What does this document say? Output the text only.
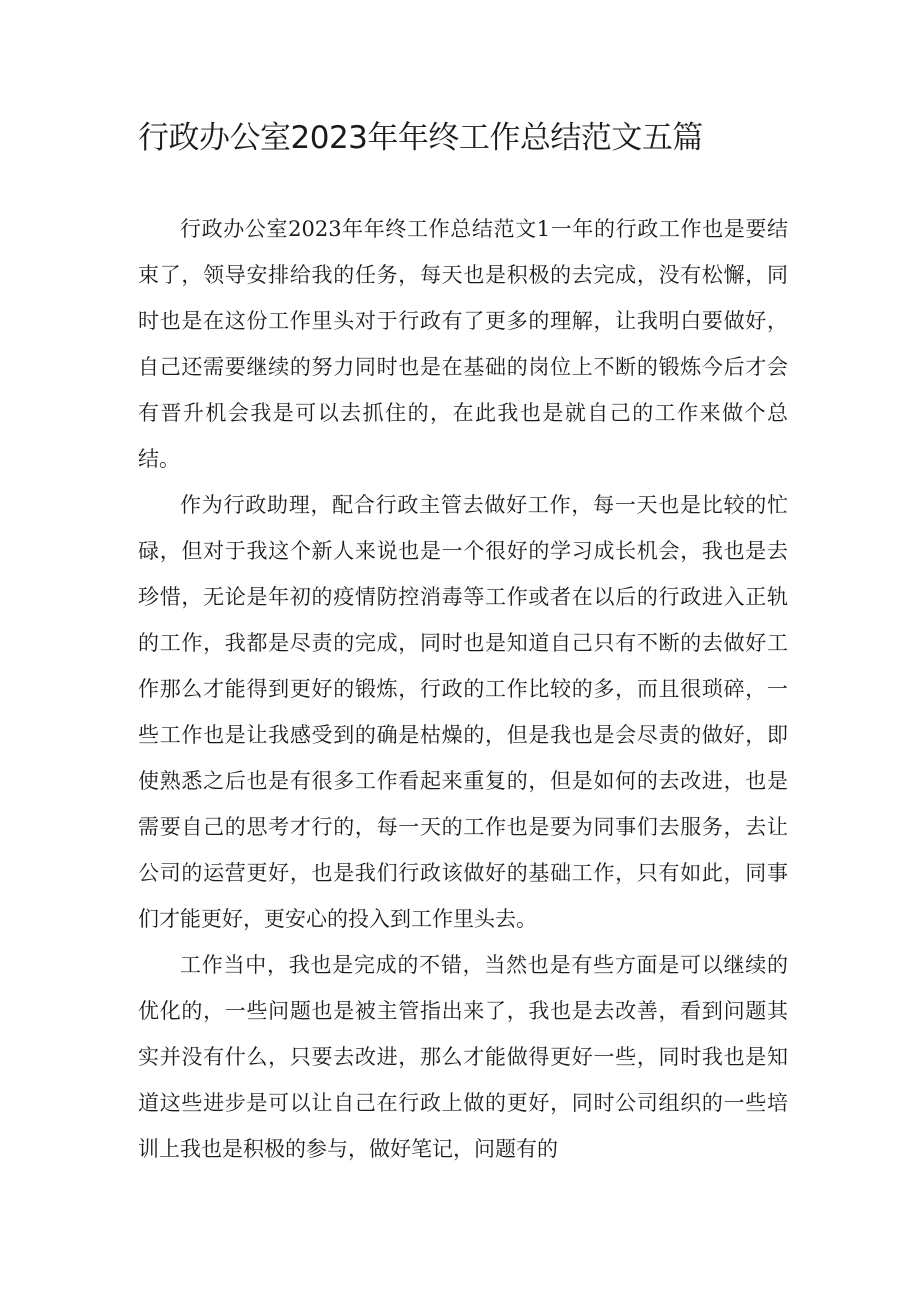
行政办公室2023年年终工作总结范文五篇

行政办公室2023年年终工作总结范文1一年的行政工作也是要结束了，领导安排给我的任务，每天也是积极的去完成，没有松懈，同时也是在这份工作里头对于行政有了更多的理解，让我明白要做好，自己还需要继续的努力同时也是在基础的岗位上不断的锻炼今后才会有晋升机会我是可以去抓住的，在此我也是就自己的工作来做个总结。

作为行政助理，配合行政主管去做好工作，每一天也是比较的忙碌，但对于我这个新人来说也是一个很好的学习成长机会，我也是去珍惜，无论是年初的疫情防控消毒等工作或者在以后的行政进入正轨的工作，我都是尽责的完成，同时也是知道自己只有不断的去做好工作那么才能得到更好的锻炼，行政的工作比较的多，而且很琐碎，一些工作也是让我感受到的确是枯燥的，但是我也是会尽责的做好，即使熟悉之后也是有很多工作看起来重复的，但是如何的去改进，也是需要自己的思考才行的，每一天的工作也是要为同事们去服务，去让公司的运营更好，也是我们行政该做好的基础工作，只有如此，同事们才能更好，更安心的投入到工作里头去。

工作当中，我也是完成的不错，当然也是有些方面是可以继续的优化的，一些问题也是被主管指出来了，我也是去改善，看到问题其实并没有什么，只要去改进，那么才能做得更好一些，同时我也是知道这些进步是可以让自己在行政上做的更好，同时公司组织的一些培训上我也是积极的参与，做好笔记，问题有的
